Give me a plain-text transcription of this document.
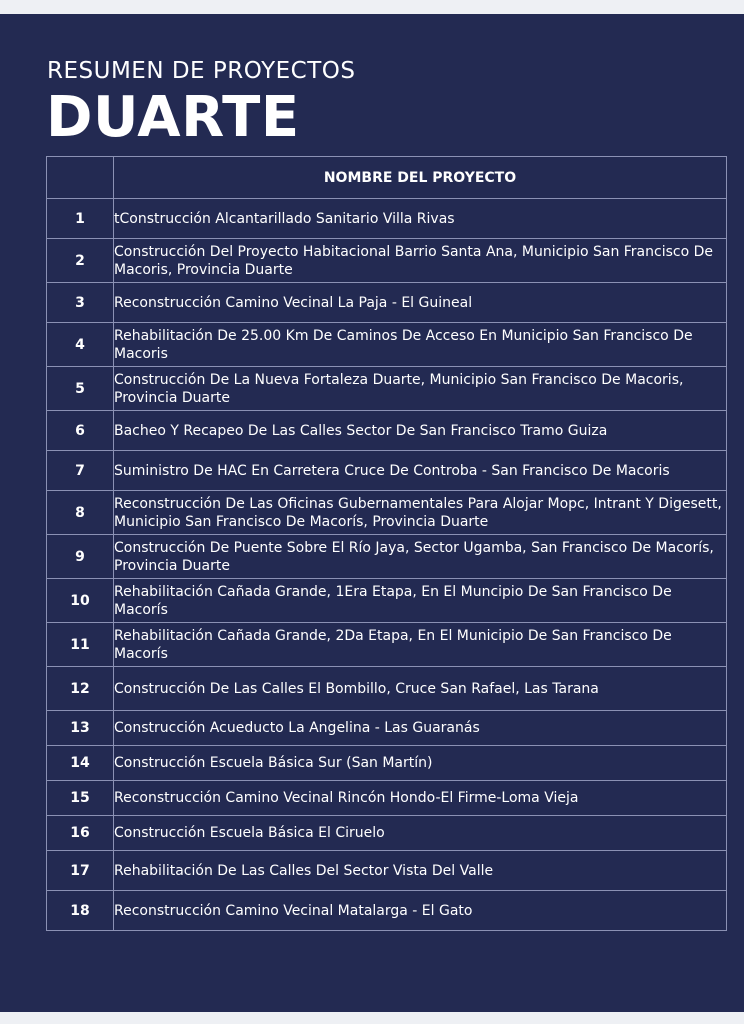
RESUMEN DE PROYECTOS
DUARTE
	NOMBRE DEL PROYECTO
1	tConstrucción Alcantarillado Sanitario Villa Rivas
2	Construcción Del Proyecto Habitacional Barrio Santa Ana, Municipio San Francisco De Macoris, Provincia Duarte
3	Reconstrucción Camino Vecinal La Paja - El Guineal
4	Rehabilitación De 25.00 Km De Caminos De Acceso En Municipio San Francisco De Macoris
5	Construcción De La Nueva Fortaleza Duarte, Municipio San Francisco De Macoris, Provincia Duarte
6	Bacheo Y Recapeo De Las Calles Sector De San Francisco Tramo Guiza
7	Suministro De HAC En Carretera Cruce De Controba - San Francisco De Macoris
8	Reconstrucción De Las Oficinas Gubernamentales Para Alojar Mopc, Intrant Y Digesett, Municipio San Francisco De Macorís, Provincia Duarte
9	Construcción De Puente Sobre El Río Jaya, Sector Ugamba, San Francisco De Macorís, Provincia Duarte
10	Rehabilitación Cañada Grande, 1Era Etapa, En El Muncipio De San Francisco De Macorís
11	Rehabilitación Cañada Grande, 2Da Etapa, En El Municipio De San Francisco De Macorís
12	Construcción De Las Calles El Bombillo, Cruce San Rafael, Las Tarana
13	Construcción Acueducto La Angelina - Las Guaranás
14	Construcción Escuela Básica Sur (San Martín)
15	Reconstrucción Camino Vecinal Rincón Hondo-El Firme-Loma Vieja
16	Construcción Escuela Básica El Ciruelo
17	Rehabilitación De Las Calles Del Sector Vista Del Valle
18	Reconstrucción Camino Vecinal Matalarga - El Gato
